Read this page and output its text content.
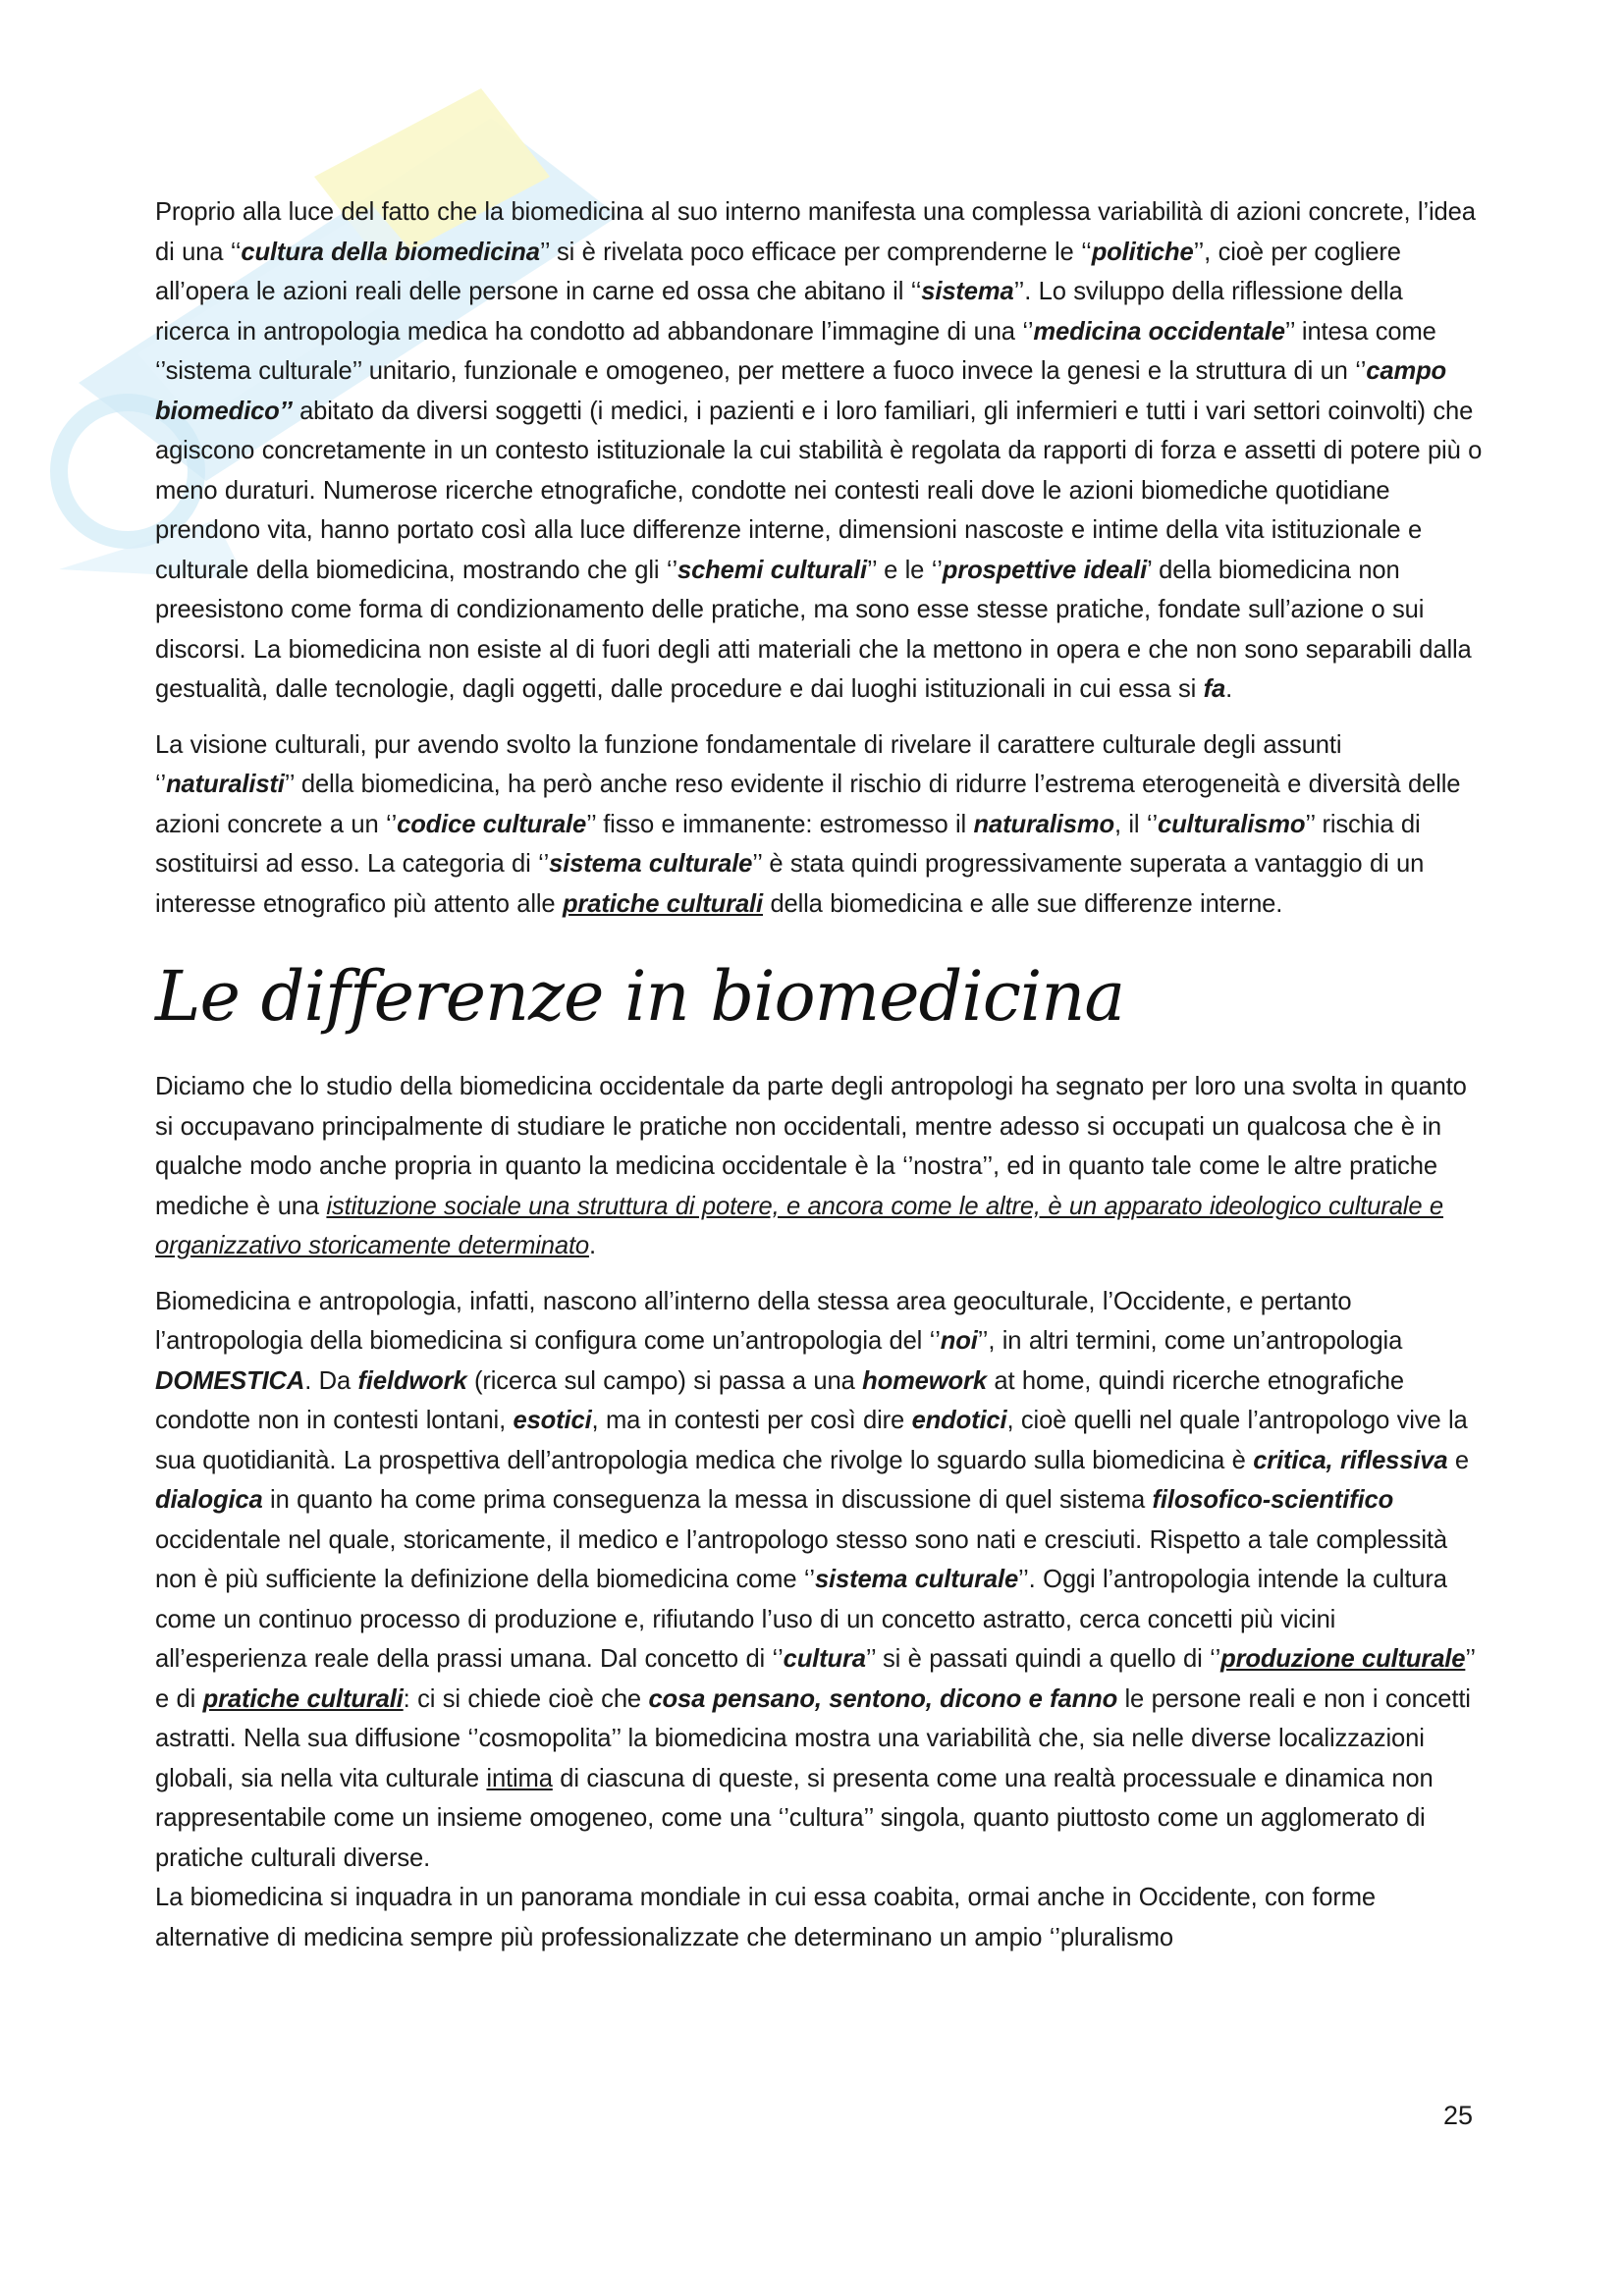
Proprio alla luce del fatto che la biomedicina al suo interno manifesta una complessa variabilità di azioni concrete, l’idea di una ‘‘cultura della biomedicina’’ si è rivelata poco efficace per comprenderne le ‘‘politiche’’, cioè per cogliere all’opera le azioni reali delle persone in carne ed ossa che abitano il ‘‘sistema’’. Lo sviluppo della riflessione della ricerca in antropologia medica ha condotto ad abbandonare l’immagine di una ‘’medicina occidentale’’ intesa come ‘’sistema culturale’’ unitario, funzionale e omogeneo, per mettere a fuoco invece la genesi e la struttura di un ‘’campo biomedico’’ abitato da diversi soggetti (i medici, i pazienti e i loro familiari, gli infermieri e tutti i vari settori coinvolti) che agiscono concretamente in un contesto istituzionale la cui stabilità è regolata da rapporti di forza e assetti di potere più o meno duraturi. Numerose ricerche etnografiche, condotte nei contesti reali dove le azioni biomediche quotidiane prendono vita, hanno portato così alla luce differenze interne, dimensioni nascoste e intime della vita istituzionale e culturale della biomedicina, mostrando che gli ‘’schemi culturali’’ e le ‘’prospettive ideali’ della biomedicina non preesistono come forma di condizionamento delle pratiche, ma sono esse stesse pratiche, fondate sull’azione o sui discorsi. La biomedicina non esiste al di fuori degli atti materiali che la mettono in opera e che non sono separabili dalla gestualità, dalle tecnologie, dagli oggetti, dalle procedure e dai luoghi istituzionali in cui essa si fa.

La visione culturali, pur avendo svolto la funzione fondamentale di rivelare il carattere culturale degli assunti ‘’naturalisti’’ della biomedicina, ha però anche reso evidente il rischio di ridurre l’estrema eterogeneità e diversità delle azioni concrete a un ‘’codice culturale’’ fisso e immanente: estromesso il naturalismo, il ‘’culturalismo’’ rischia di sostituirsi ad esso. La categoria di ‘’sistema culturale’’ è stata quindi progressivamente superata a vantaggio di un interesse etnografico più attento alle pratiche culturali della biomedicina e alle sue differenze interne.

Le differenze in biomedicina

Diciamo che lo studio della biomedicina occidentale da parte degli antropologi ha segnato per loro una svolta in quanto si occupavano principalmente di studiare le pratiche non occidentali, mentre adesso si occupati un qualcosa che è in qualche modo anche propria in quanto la medicina occidentale è la ‘’nostra’’, ed in quanto tale come le altre pratiche mediche è una istituzione sociale una struttura di potere, e ancora come le altre, è un apparato ideologico culturale e organizzativo storicamente determinato.

Biomedicina e antropologia, infatti, nascono all’interno della stessa area geoculturale, l’Occidente, e pertanto l’antropologia della biomedicina si configura come un’antropologia del ‘’noi’’, in altri termini, come un’antropologia DOMESTICA. Da fieldwork (ricerca sul campo) si passa a una homework at home, quindi ricerche etnografiche condotte non in contesti lontani, esotici, ma in contesti per così dire endotici, cioè quelli nel quale l’antropologo vive la sua quotidianità. La prospettiva dell’antropologia medica che rivolge lo sguardo sulla biomedicina è critica, riflessiva e dialogica in quanto ha come prima conseguenza la messa in discussione di quel sistema filosofico-scientifico occidentale nel quale, storicamente, il medico e l’antropologo stesso sono nati e cresciuti. Rispetto a tale complessità non è più sufficiente la definizione della biomedicina come ‘’sistema culturale’’. Oggi l’antropologia intende la cultura come un continuo processo di produzione e, rifiutando l’uso di un concetto astratto, cerca concetti più vicini all’esperienza reale della prassi umana. Dal concetto di ‘’cultura’’ si è passati quindi a quello di ‘’produzione culturale’’ e di pratiche culturali: ci si chiede cioè che cosa pensano, sentono, dicono e fanno le persone reali e non i concetti astratti. Nella sua diffusione ‘’cosmopolita’’ la biomedicina mostra una variabilità che, sia nelle diverse localizzazioni globali, sia nella vita culturale intima di ciascuna di queste, si presenta come una realtà processuale e dinamica non rappresentabile come un insieme omogeneo, come una ‘’cultura’’ singola, quanto piuttosto come un agglomerato di pratiche culturali diverse.

La biomedicina si inquadra in un panorama mondiale in cui essa coabita, ormai anche in Occidente, con forme alternative di medicina sempre più professionalizzate che determinano un ampio ‘’pluralismo

25
